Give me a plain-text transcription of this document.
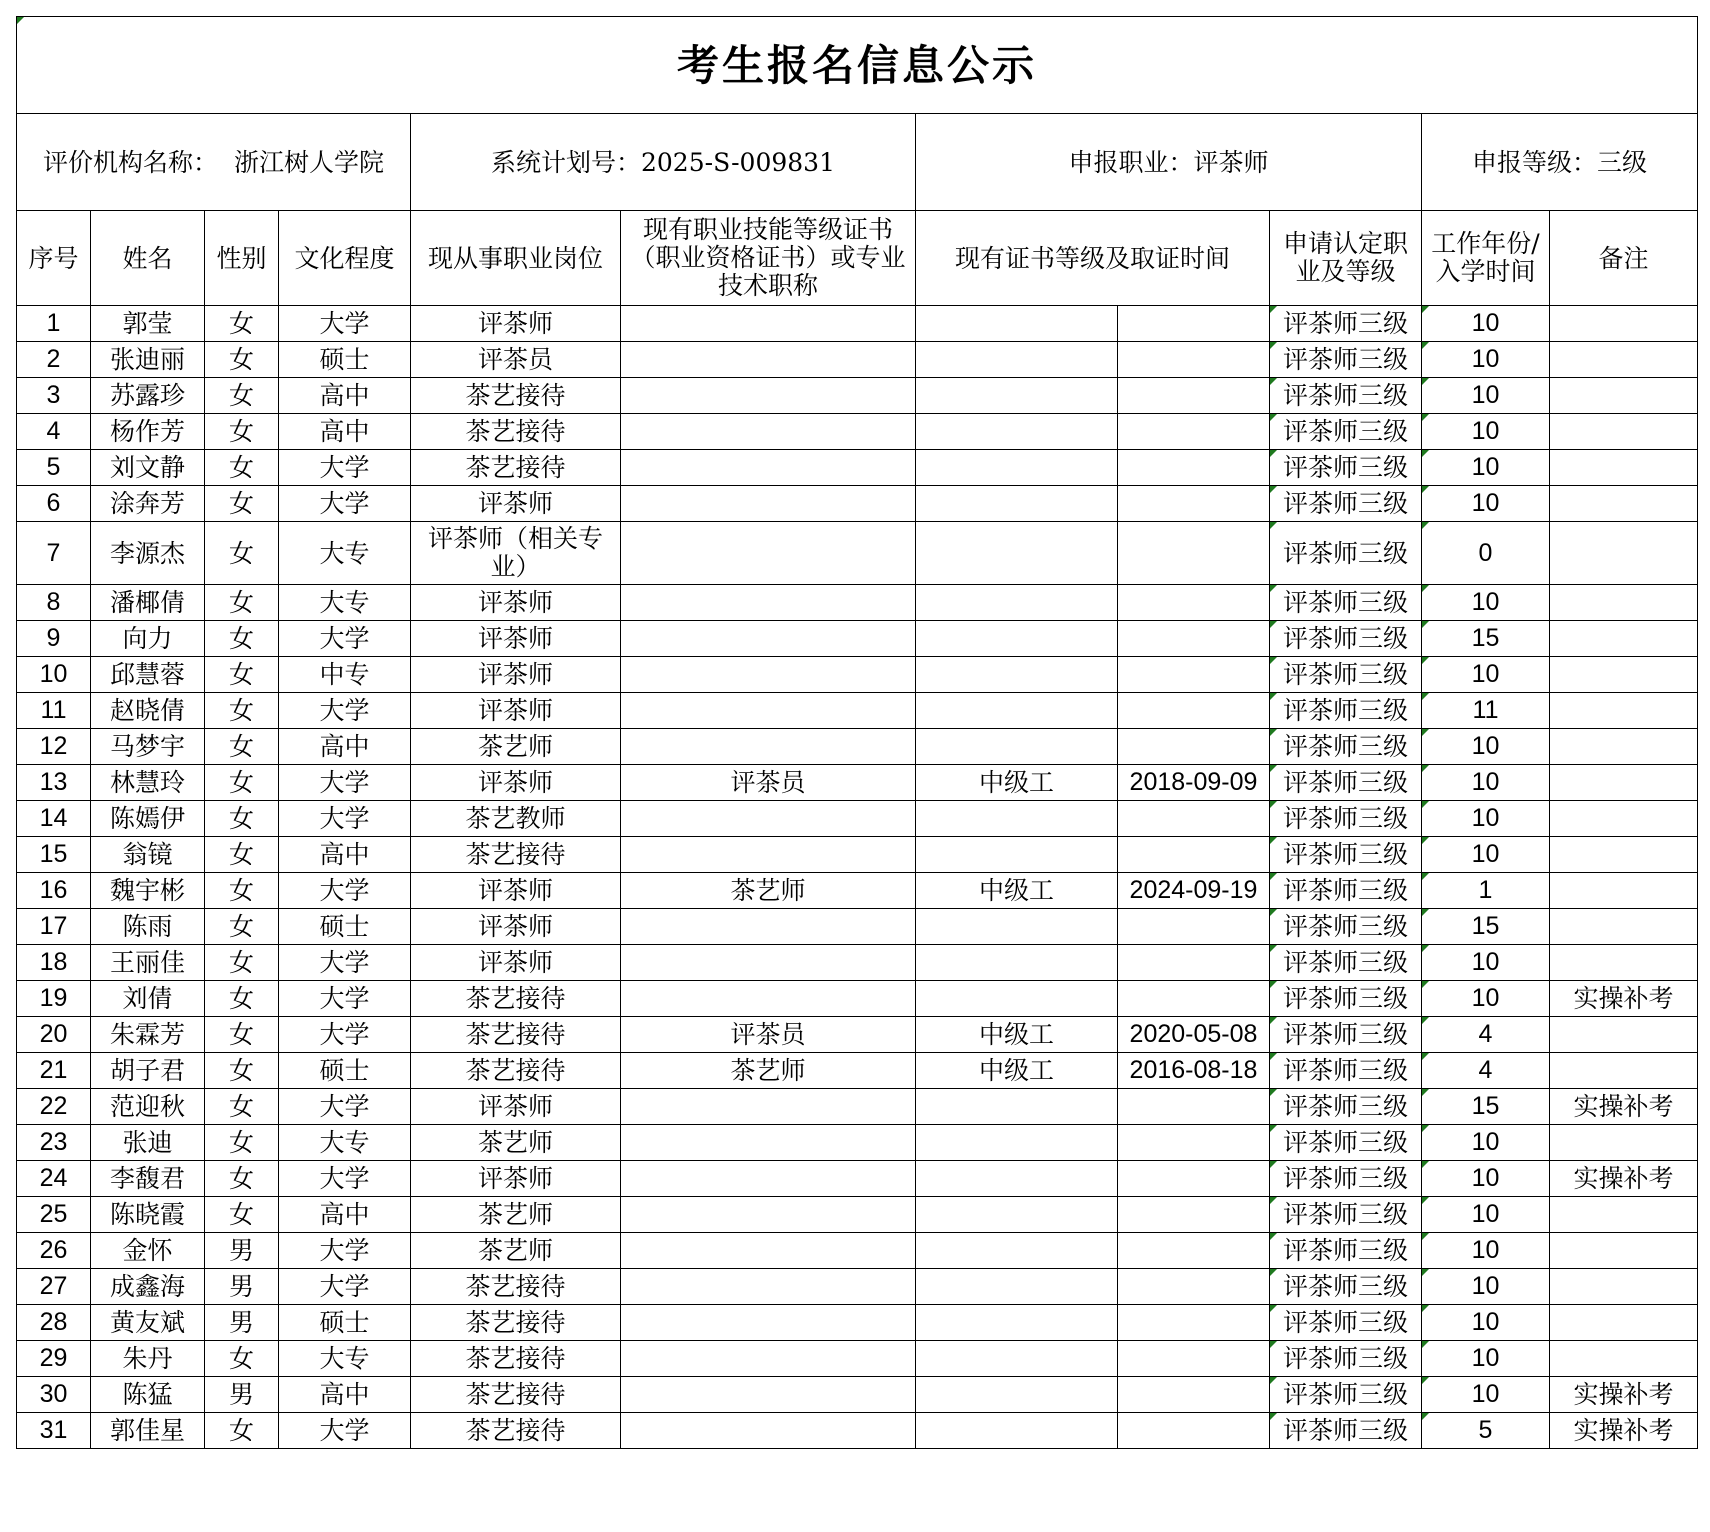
考生报名信息公示										
评价机构名称：  浙江树人学院				系统计划号：2025-S-009831		申报职业：评茶师			申报等级：三级	
序号	姓名	性别	文化程度	现从事职业岗位	现有职业技能等级证书（职业资格证书）或专业技术职称	现有证书等级及取证时间		申请认定职业及等级	工作年份/入学时间	备注
1	郭莹	女	大学	评茶师				评茶师三级	10	
2	张迪丽	女	硕士	评茶员				评茶师三级	10	
3	苏露珍	女	高中	茶艺接待				评茶师三级	10	
4	杨作芳	女	高中	茶艺接待				评茶师三级	10	
5	刘文静	女	大学	茶艺接待				评茶师三级	10	
6	涂奔芳	女	大学	评茶师				评茶师三级	10	
7	李源杰	女	大专	评茶师（相关专业）				评茶师三级	0	
8	潘椰倩	女	大专	评茶师				评茶师三级	10	
9	向力	女	大学	评茶师				评茶师三级	15	
10	邱慧蓉	女	中专	评茶师				评茶师三级	10	
11	赵晓倩	女	大学	评茶师				评茶师三级	11	
12	马梦宇	女	高中	茶艺师				评茶师三级	10	
13	林慧玲	女	大学	评茶师	评茶员	中级工	2018-09-09	评茶师三级	10	
14	陈嫣伊	女	大学	茶艺教师				评茶师三级	10	
15	翁镜	女	高中	茶艺接待				评茶师三级	10	
16	魏宇彬	女	大学	评茶师	茶艺师	中级工	2024-09-19	评茶师三级	1	
17	陈雨	女	硕士	评茶师				评茶师三级	15	
18	王丽佳	女	大学	评茶师				评茶师三级	10	
19	刘倩	女	大学	茶艺接待				评茶师三级	10	实操补考
20	朱霖芳	女	大学	茶艺接待	评茶员	中级工	2020-05-08	评茶师三级	4	
21	胡子君	女	硕士	茶艺接待	茶艺师	中级工	2016-08-18	评茶师三级	4	
22	范迎秋	女	大学	评茶师				评茶师三级	15	实操补考
23	张迪	女	大专	茶艺师				评茶师三级	10	
24	李馥君	女	大学	评茶师				评茶师三级	10	实操补考
25	陈晓霞	女	高中	茶艺师				评茶师三级	10	
26	金怀	男	大学	茶艺师				评茶师三级	10	
27	成鑫海	男	大学	茶艺接待				评茶师三级	10	
28	黄友斌	男	硕士	茶艺接待				评茶师三级	10	
29	朱丹	女	大专	茶艺接待				评茶师三级	10	
30	陈猛	男	高中	茶艺接待				评茶师三级	10	实操补考
31	郭佳星	女	大学	茶艺接待				评茶师三级	5	实操补考
